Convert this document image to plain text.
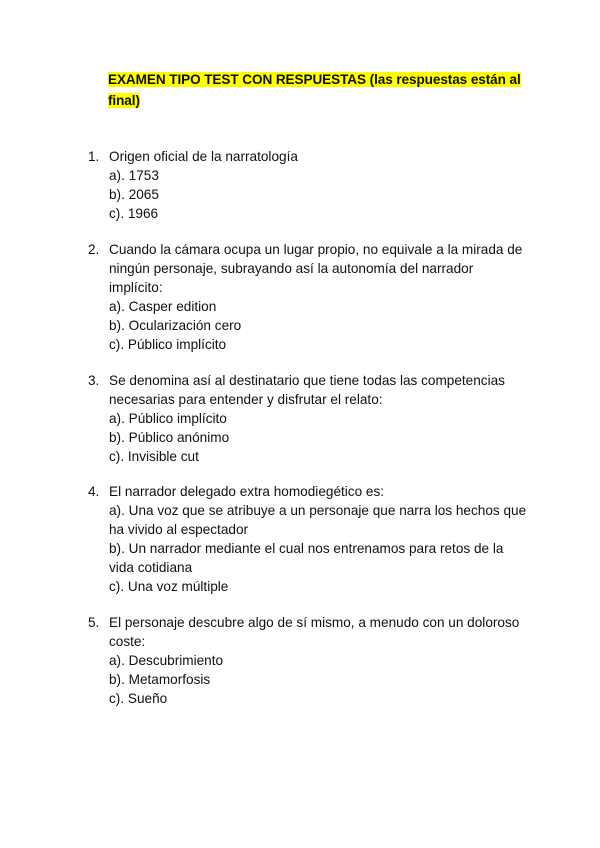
EXAMEN TIPO TEST CON RESPUESTAS (las respuestas están al final)
1. Origen oficial de la narratología
a). 1753
b). 2065
c). 1966
2. Cuando la cámara ocupa un lugar propio, no equivale a la mirada de ningún personaje, subrayando así la autonomía del narrador implícito:
a). Casper edition
b). Ocularización cero
c). Público implícito
3. Se denomina así al destinatario que tiene todas las competencias necesarias para entender y disfrutar el relato:
a). Público implícito
b). Público anónimo
c). Invisible cut
4. El narrador delegado extra homodiegético es:
a). Una voz que se atribuye a un personaje que narra los hechos que ha vivido al espectador
b). Un narrador mediante el cual nos entrenamos para retos de la vida cotidiana
c). Una voz múltiple
5. El personaje descubre algo de sí mismo, a menudo con un doloroso coste:
a). Descubrimiento
b). Metamorfosis
c). Sueño
